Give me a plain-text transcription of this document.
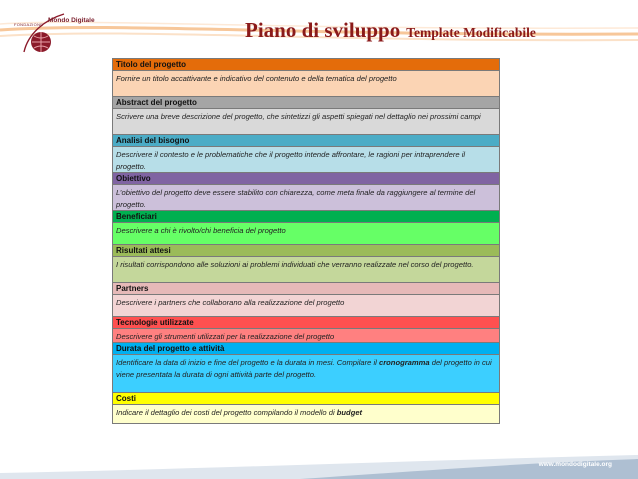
FONDAZIONE
Mondo Digitale	Piano di sviluppo Template Modificabile
Titolo del progetto
Fornire un titolo accattivante e indicativo del contenuto e della tematica del progetto
Abstract del progetto
Scrivere una breve descrizione del progetto, che sintetizzi gli aspetti spiegati nel dettaglio nei prossimi campi
Analisi del bisogno
Descrivere il contesto e le problematiche che il progetto intende affrontare, le ragioni per intraprendere il progetto.
Obiettivo
L’obiettivo del progetto deve essere stabilito con chiarezza, come meta finale da raggiungere al termine del progetto.
Beneficiari
Descrivere a chi è rivolto/chi beneficia del progetto
Risultati attesi
I risultati corrispondono alle soluzioni ai problemi individuati che verranno realizzate nel corso del progetto.
Partners
Descrivere i partners che collaborano alla realizzazione del progetto
Tecnologie utilizzate
Descrivere gli strumenti utilizzati per la realizzazione del progetto
Durata del progetto e attività
Identificare la data di inizio e fine del progetto e la durata in mesi. Compilare il cronogramma del progetto in cui viene presentata la durata di ogni attività parte del progetto.
Costi
Indicare il dettaglio dei costi del progetto compilando il modello di budget
www.mondodigitale.org
